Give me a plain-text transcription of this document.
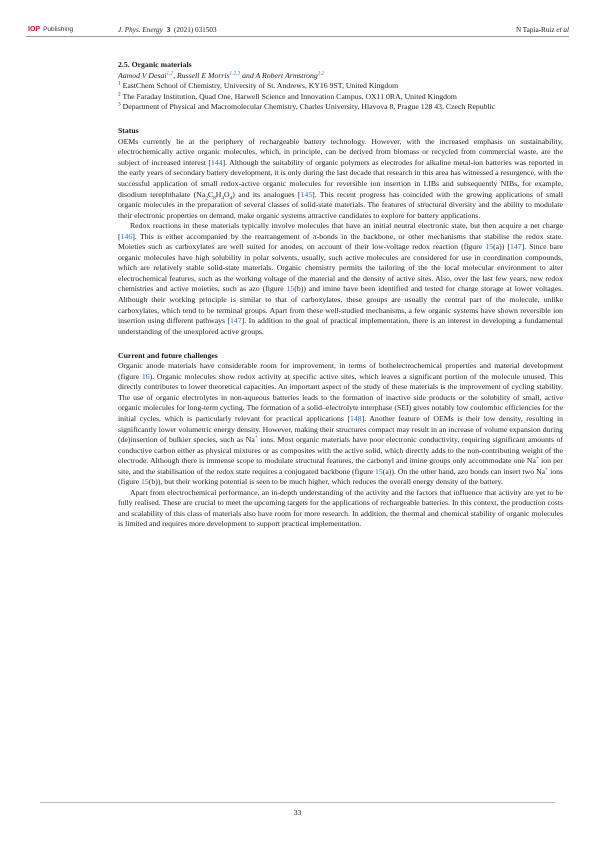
IOP Publishing	J. Phys. Energy 3 (2021) 031503	N Tapia-Ruiz et al

2.5. Organic materials

Aamod V Desai$^{1,2}$, Russell E Morris$^{1,2,3}$ and A Robert Armstrong$^{1,2}$

$^1$ EastChem School of Chemistry, University of St. Andrews, KY16 9ST, United Kingdom

$^2$ The Faraday Institution, Quad One, Harwell Science and Innovation Campus, OX11 0RA, United Kingdom

$^3$ Department of Physical and Macromolecular Chemistry, Charles University, Hlavova 8, Prague 128 43, Czech Republic

Status

OEMs currently lie at the periphery of rechargeable battery technology. However, with the increased emphasis on sustainability, electrochemically active organic molecules, which, in principle, can be derived from biomass or recycled from commercial waste, are the subject of increased interest [144]. Although the suitability of organic polymers as electrodes for alkaline metal-ion batteries was reported in the early years of secondary battery development, it is only during the last decade that research in this area has witnessed a resurgence, with the successful application of small redox-active organic molecules for reversible ion insertion in LIBs and subsequently NIBs, for example, disodium terephthalate $(Na_2C_8H_4O_4)$ and its analogues [145]. This recent progress has coincided with the growing applications of small organic molecules in the preparation of several classes of solid-state materials. The features of structural diversity and the ability to modulate their electronic properties on demand, make organic systems attractive candidates to explore for battery applications.

Redox reactions in these materials typically involve molecules that have an initial neutral electronic state, but then acquire a net charge [146]. This is either accompanied by the rearrangement of π-bonds in the backbone, or other mechanisms that stabilise the redox state. Moieties such as carboxylates are well suited for anodes, on account of their low-voltage redox reaction (figure 15(a)) [147]. Since bare organic molecules have high solubility in polar solvents, usually, such active molecules are considered for use in coordination compounds, which are relatively stable solid-state materials. Organic chemistry permits the tailoring of the the local molecular environment to alter electrochemical features, such as the working voltage of the material and the density of active sites. Also, over the last few years, new redox chemistries and active moieties, such as azo (figure 15(b)) and imine have been identified and tested for charge storage at lower voltages. Although their working principle is similar to that of carboxylates, these groups are usually the central part of the molecule, unlike carboxylates, which tend to be terminal groups. Apart from these well-studied mechanisms, a few organic systems have shown reversible ion insertion using different pathways [147]. In addition to the goal of practical implementation, there is an interest in developing a fundamental understanding of the unexplored active groups.

Current and future challenges

Organic anode materials have considerable room for improvement, in terms of bothelectrochemical properties and material development (figure 16). Organic molecules show redox activity at specific active sites, which leaves a significant portion of the molecule unused. This directly contributes to lower theoretical capacities. An important aspect of the study of these materials is the improvement of cycling stability. The use of organic electrolytes in non-aqueous batteries leads to the formation of inactive side products or the solubility of small, active organic molecules for long-term cycling. The formation of a solid–electrolyte interphase (SEI) gives notably low coulombic efficiencies for the initial cycles, which is particularly relevant for practical applications [148]. Another feature of OEMs is their low density, resulting in significantly lower volumetric energy density. However, making their structures compact may result in an increase of volume expansion during (de)insertion of bulkier species, such as Na+ ions. Most organic materials have poor electronic conductivity, requiring significant amounts of conductive carbon either as physical mixtures or as composites with the active solid, which directly adds to the non-contributing weight of the electrode. Although there is immense scope to modulate structural features, the carbonyl and imine groups only accommodate one Na+ ion per site, and the stabilisation of the redox state requires a conjugated backbone (figure 15(a)). On the other hand, azo bonds can insert two Na+ ions (figure 15(b)), but their working potential is seen to be much higher, which reduces the overall energy density of the battery.

Apart from electrochemical performance, an in-depth understanding of the activity and the factors that influence that activity are yet to be fully realised. These are crucial to meet the upcoming targets for the applications of rechargeable batteries. In this context, the production costs and scalability of this class of materials also have room for more research. In addition, the thermal and chemical stability of organic molecules is limited and requires more development to support practical implementation.

33
